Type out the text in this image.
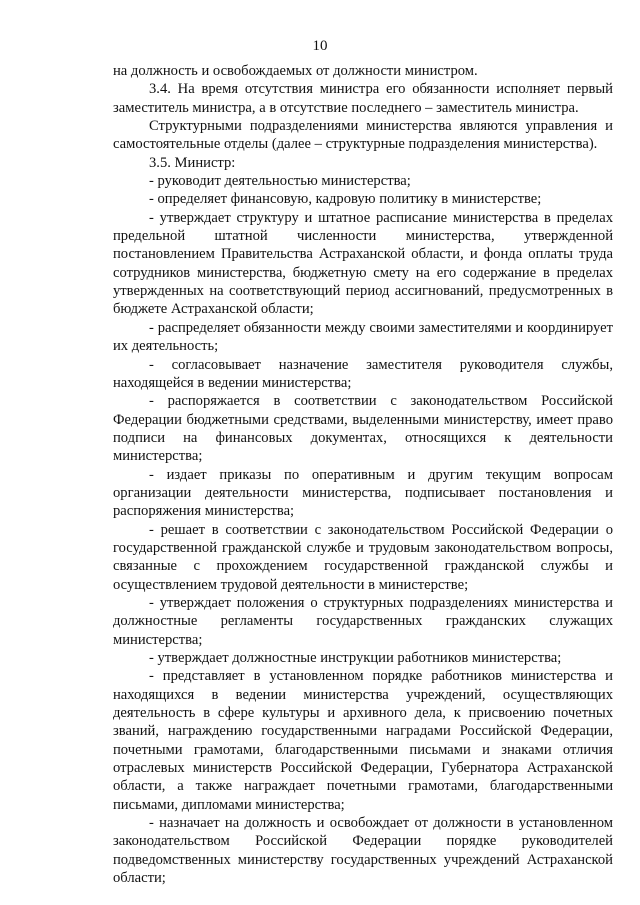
10

на должность и освобождаемых от должности министром.

3.4. На время отсутствия министра его обязанности исполняет первый заместитель министра, а в отсутствие последнего – заместитель министра.

Структурными подразделениями министерства являются управления и самостоятельные отделы (далее – структурные подразделения министерства).

3.5. Министр:

- руководит деятельностью министерства;

- определяет финансовую, кадровую политику в министерстве;

- утверждает структуру и штатное расписание министерства в пределах предельной штатной численности министерства, утвержденной постановлением Правительства Астраханской области, и фонда оплаты труда сотрудников министерства, бюджетную смету на его содержание в пределах утвержденных на соответствующий период ассигнований, предусмотренных в бюджете Астраханской области;

- распределяет обязанности между своими заместителями и координирует их деятельность;

- согласовывает назначение заместителя руководителя службы, находящейся в ведении министерства;

- распоряжается в соответствии с законодательством Российской Федерации бюджетными средствами, выделенными министерству, имеет право подписи на финансовых документах, относящихся к деятельности министерства;

- издает приказы по оперативным и другим текущим вопросам организации деятельности министерства, подписывает постановления и распоряжения министерства;

- решает в соответствии с законодательством Российской Федерации о государственной гражданской службе и трудовым законодательством вопросы, связанные с прохождением государственной гражданской службы и осуществлением трудовой деятельности в министерстве;

- утверждает положения о структурных подразделениях министерства и должностные регламенты государственных гражданских служащих министерства;

- утверждает должностные инструкции работников министерства;

- представляет в установленном порядке работников министерства и находящихся в ведении министерства учреждений, осуществляющих деятельность в сфере культуры и архивного дела, к присвоению почетных званий, награждению государственными наградами Российской Федерации, почетными грамотами, благодарственными письмами и знаками отличия отраслевых министерств Российской Федерации, Губернатора Астраханской области, а также награждает почетными грамотами, благодарственными письмами, дипломами министерства;

- назначает на должность и освобождает от должности в установленном законодательством Российской Федерации порядке руководителей подведомственных министерству государственных учреждений Астраханской области;
